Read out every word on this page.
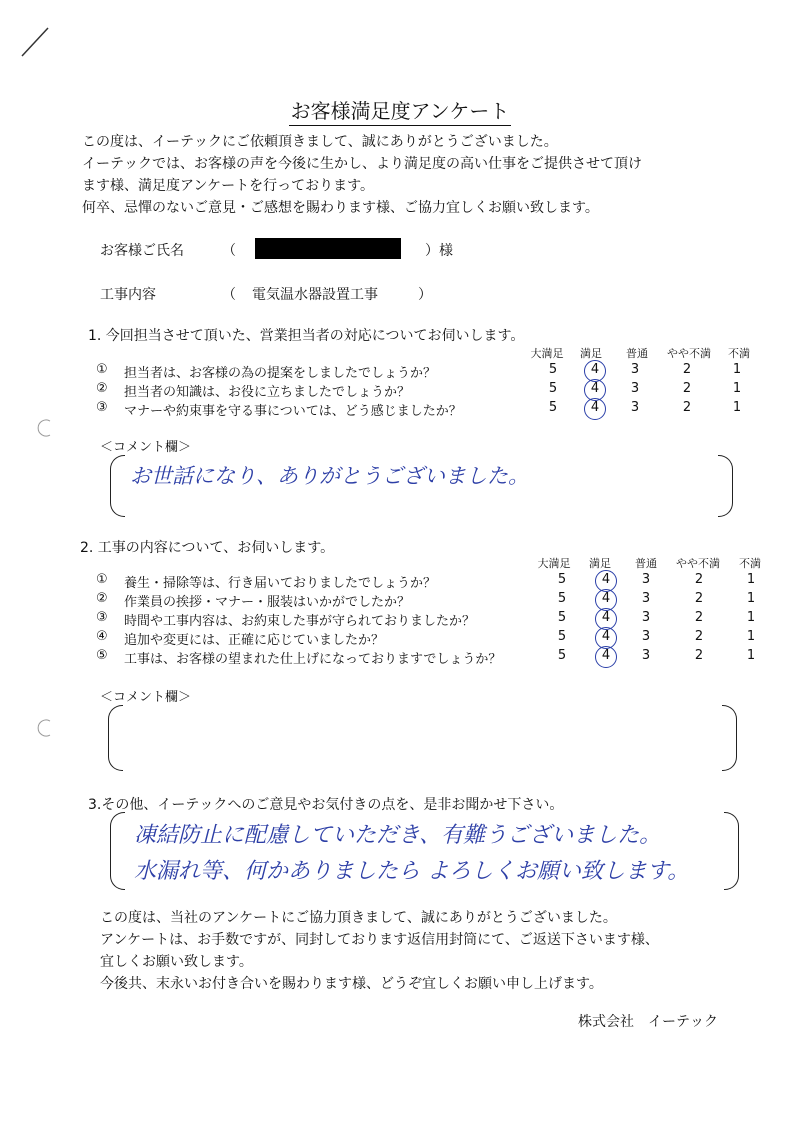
お客様満足度アンケート
この度は、イーテックにご依頼頂きまして、誠にありがとうございました。
イーテックでは、お客様の声を今後に生かし、より満足度の高い仕事をご提供させて頂け
ます様、満足度アンケートを行っております。
何卒、忌憚のないご意見・ご感想を賜わります様、ご協力宜しくお願い致します。
お客様ご氏名	（	）様
工事内容	（ 電気温水器設置工事	）
1. 今回担当させて頂いた、営業担当者の対応についてお伺いします。
大満足	満足	普通	やや不満	不満
① 担当者は、お客様の為の提案をしましたでしょうか？	5	4	3	2	1
② 担当者の知識は、お役に立ちましたでしょうか？	5	4	3	2	1
③ マナーや約束事を守る事については、どう感じましたか？	5	4	3	2	1
＜コメント欄＞
お世話になり、ありがとうございました。
2. 工事の内容について、お伺いします。
大満足	満足	普通	やや不満	不満
① 養生・掃除等は、行き届いておりましたでしょうか？	5	4	3	2	1
② 作業員の挨拶・マナー・服装はいかがでしたか？	5	4	3	2	1
③ 時間や工事内容は、お約束した事が守られておりましたか？	5	4	3	2	1
④ 追加や変更には、正確に応じていましたか？	5	4	3	2	1
⑤ 工事は、お客様の望まれた仕上げになっておりますでしょうか？	5	4	3	2	1
＜コメント欄＞
3.その他、イーテックへのご意見やお気付きの点を、是非お聞かせ下さい。
凍結防止に配慮していただき、有難うございました。
水漏れ等、何かありましたら よろしくお願い致します。
この度は、当社のアンケートにご協力頂きまして、誠にありがとうございました。
アンケートは、お手数ですが、同封しております返信用封筒にて、ご返送下さいます様、
宜しくお願い致します。
今後共、末永いお付き合いを賜わります様、どうぞ宜しくお願い申し上げます。
株式会社　イーテック
